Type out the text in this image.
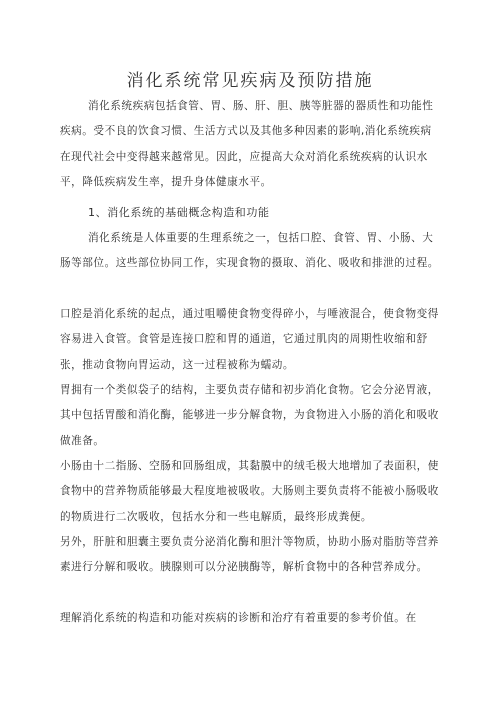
消化系统常见疾病及预防措施

消化系统疾病包括食管、胃、肠、肝、胆、胰等脏器的器质性和功能性疾病。受不良的饮食习惯、生活方式以及其他多种因素的影响,消化系统疾病在现代社会中变得越来越常见。因此，应提高大众对消化系统疾病的认识水平，降低疾病发生率，提升身体健康水平。

1、消化系统的基础概念构造和功能

消化系统是人体重要的生理系统之一，包括口腔、食管、胃、小肠、大肠等部位。这些部位协同工作，实现食物的摄取、消化、吸收和排泄的过程。

口腔是消化系统的起点，通过咀嚼使食物变得碎小，与唾液混合，使食物变得容易进入食管。食管是连接口腔和胃的通道，它通过肌肉的周期性收缩和舒张，推动食物向胃运动，这一过程被称为蠕动。

胃拥有一个类似袋子的结构，主要负责存储和初步消化食物。它会分泌胃液，其中包括胃酸和消化酶，能够进一步分解食物，为食物进入小肠的消化和吸收做准备。

小肠由十二指肠、空肠和回肠组成，其黏膜中的绒毛极大地增加了表面积，使食物中的营养物质能够最大程度地被吸收。大肠则主要负责将不能被小肠吸收的物质进行二次吸收，包括水分和一些电解质，最终形成粪便。

另外，肝脏和胆囊主要负责分泌消化酶和胆汁等物质，协助小肠对脂肪等营养素进行分解和吸收。胰腺则可以分泌胰酶等，解析食物中的各种营养成分。

理解消化系统的构造和功能对疾病的诊断和治疗有着重要的参考价值。在
